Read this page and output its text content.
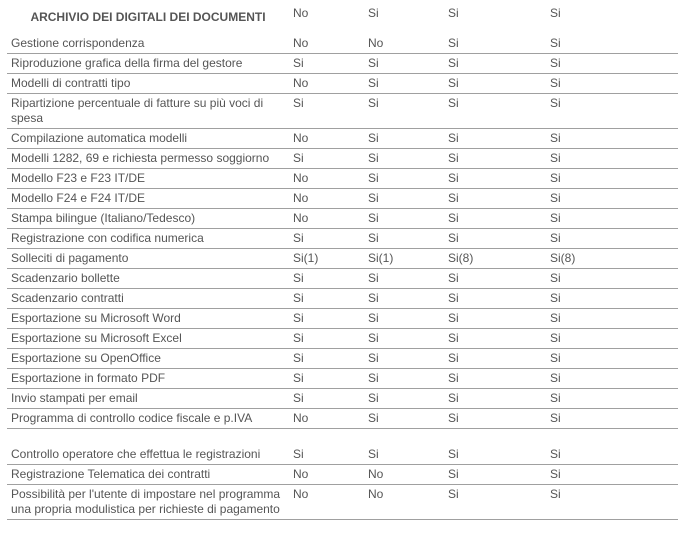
ARCHIVIO DEI DIGITALI DEI DOCUMENTI	No	Si	Si	Si
Gestione corrispondenza	No	No	Si	Si
Riproduzione grafica della firma del gestore	Si	Si	Si	Si
Modelli di contratti tipo	No	Si	Si	Si
Ripartizione percentuale di fatture su più voci di spesa	Si	Si	Si	Si
Compilazione automatica modelli	No	Si	Si	Si
Modelli 1282, 69 e richiesta permesso soggiorno	Si	Si	Si	Si
Modello F23 e F23 IT/DE	No	Si	Si	Si
Modello F24 e F24 IT/DE	No	Si	Si	Si
Stampa bilingue (Italiano/Tedesco)	No	Si	Si	Si
Registrazione con codifica numerica	Si	Si	Si	Si
Solleciti di pagamento	Si(1)	Si(1)	Si(8)	Si(8)
Scadenzario bollette	Si	Si	Si	Si
Scadenzario contratti	Si	Si	Si	Si
Esportazione su Microsoft Word	Si	Si	Si	Si
Esportazione su Microsoft Excel	Si	Si	Si	Si
Esportazione su OpenOffice	Si	Si	Si	Si
Esportazione in formato PDF	Si	Si	Si	Si
Invio stampati per email	Si	Si	Si	Si
Programma di controllo codice fiscale e p.IVA	No	Si	Si	Si

Controllo operatore che effettua le registrazioni	Si	Si	Si	Si
Registrazione Telematica dei contratti	No	No	Si	Si
Possibilità per l'utente di impostare nel programma una propria modulistica per richieste di pagamento	No	No	Si	Si
